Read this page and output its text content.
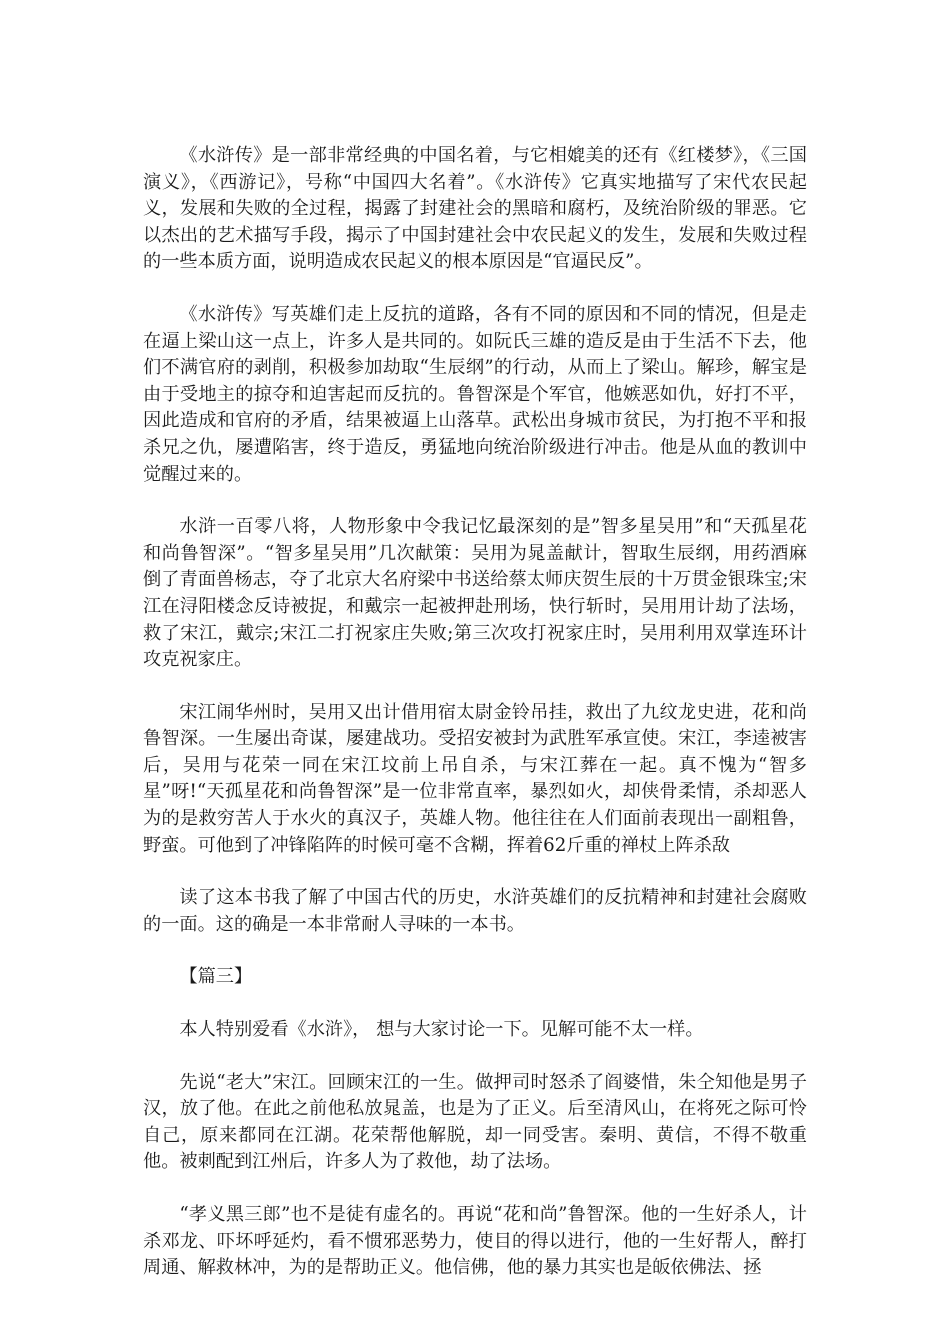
《水浒传》是一部非常经典的中国名着，与它相媲美的还有《红楼梦》，《三国演义》，《西游记》，号称“中国四大名着”。《水浒传》它真实地描写了宋代农民起义，发展和失败的全过程，揭露了封建社会的黑暗和腐朽，及统治阶级的罪恶。它以杰出的艺术描写手段，揭示了中国封建社会中农民起义的发生，发展和失败过程的一些本质方面，说明造成农民起义的根本原因是“官逼民反”。

《水浒传》写英雄们走上反抗的道路，各有不同的原因和不同的情况，但是走在逼上梁山这一点上，许多人是共同的。如阮氏三雄的造反是由于生活不下去，他们不满官府的剥削，积极参加劫取“生辰纲”的行动，从而上了梁山。解珍，解宝是由于受地主的掠夺和迫害起而反抗的。鲁智深是个军官，他嫉恶如仇，好打不平，因此造成和官府的矛盾，结果被逼上山落草。武松出身城市贫民，为打抱不平和报杀兄之仇，屡遭陷害，终于造反，勇猛地向统治阶级进行冲击。他是从血的教训中觉醒过来的。

水浒一百零八将，人物形象中令我记忆最深刻的是”智多星吴用”和“天孤星花和尚鲁智深”。“智多星吴用”几次献策：吴用为晁盖献计，智取生辰纲，用药酒麻倒了青面兽杨志，夺了北京大名府梁中书送给蔡太师庆贺生辰的十万贯金银珠宝;宋江在浔阳楼念反诗被捉，和戴宗一起被押赴刑场，快行斩时，吴用用计劫了法场，救了宋江，戴宗;宋江二打祝家庄失败;第三次攻打祝家庄时，吴用利用双掌连环计攻克祝家庄。

宋江闹华州时，吴用又出计借用宿太尉金铃吊挂，救出了九纹龙史进，花和尚鲁智深。一生屡出奇谋，屡建战功。受招安被封为武胜军承宣使。宋江，李逵被害后，吴用与花荣一同在宋江坟前上吊自杀，与宋江葬在一起。真不愧为“智多星”呀!“天孤星花和尚鲁智深”是一位非常直率，暴烈如火，却侠骨柔情，杀却恶人为的是救穷苦人于水火的真汉子，英雄人物。他往往在人们面前表现出一副粗鲁，野蛮。可他到了冲锋陷阵的时候可毫不含糊，挥着62斤重的禅杖上阵杀敌

读了这本书我了解了中国古代的历史，水浒英雄们的反抗精神和封建社会腐败的一面。这的确是一本非常耐人寻味的一本书。

【篇三】

本人特别爱看《水浒》， 想与大家讨论一下。见解可能不太一样。

先说“老大”宋江。回顾宋江的一生。做押司时怒杀了阎婆惜，朱仝知他是男子汉，放了他。在此之前他私放晁盖，也是为了正义。后至清风山，在将死之际可怜自己，原来都同在江湖。花荣帮他解脱，却一同受害。秦明、黄信，不得不敬重他。被刺配到江州后，许多人为了救他，劫了法场。

“孝义黑三郎”也不是徒有虚名的。再说“花和尚”鲁智深。他的一生好杀人，计杀邓龙、吓坏呼延灼，看不惯邪恶势力，使目的得以进行，他的一生好帮人，醉打周通、解救林冲，为的是帮助正义。他信佛，他的暴力其实也是皈依佛法、拯
